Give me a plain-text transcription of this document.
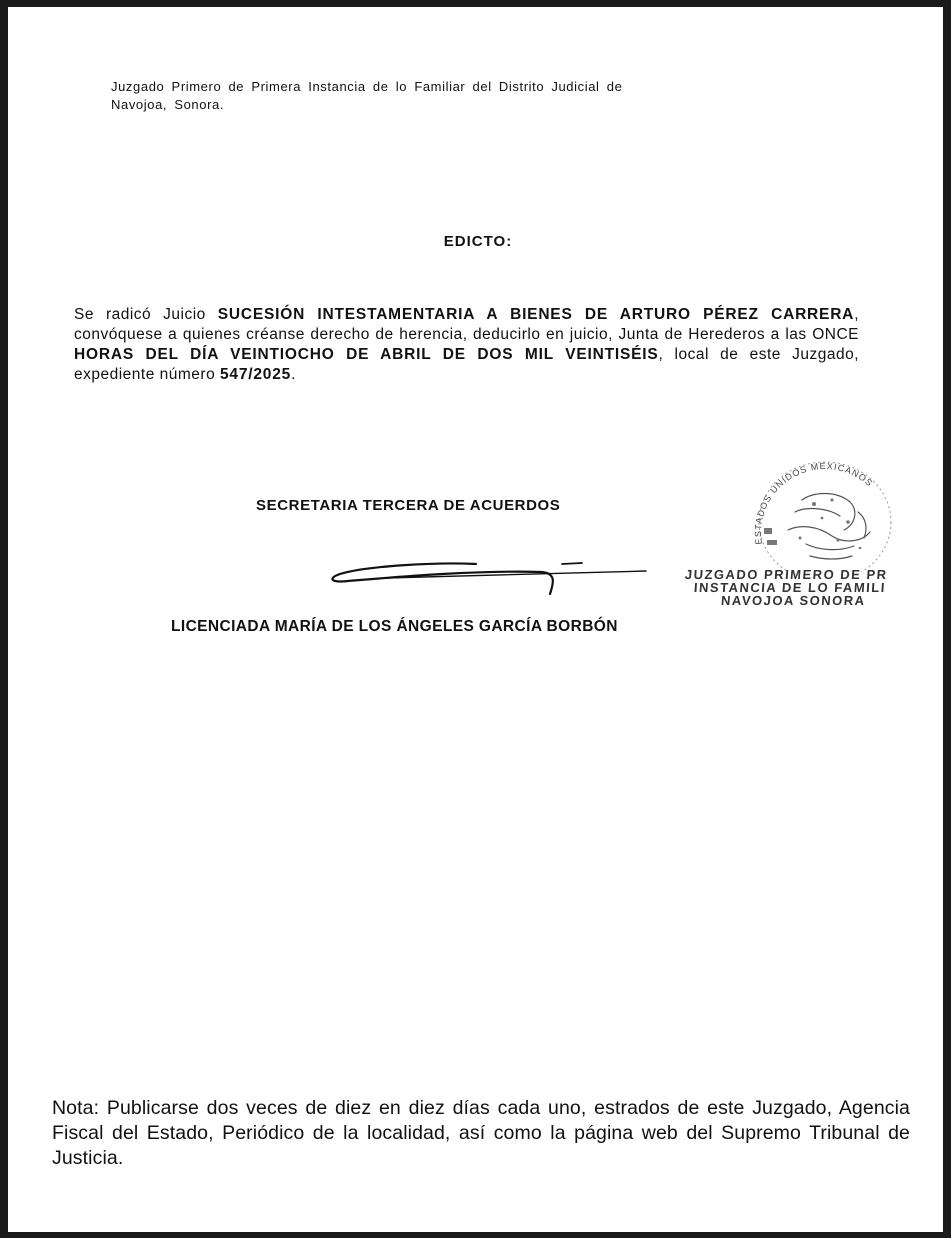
Juzgado Primero de Primera Instancia de lo Familiar del Distrito Judicial de
Navojoa, Sonora.
EDICTO:
Se radicó Juicio SUCESIÓN INTESTAMENTARIA A BIENES DE ARTURO PÉREZ CARRERA, convóquese a quienes créanse derecho de herencia, deducirlo en juicio, Junta de Herederos a las ONCE HORAS DEL DÍA VEINTIOCHO DE ABRIL DE DOS MIL VEINTISÉIS, local de este Juzgado, expediente número 547/2025.
SECRETARIA TERCERA DE ACUERDOS
LICENCIADA MARÍA DE LOS ÁNGELES GARCÍA BORBÓN
ESTADOS UNIDOS MEXICANOS
JUZGADO PRIMERO DE PR
INSTANCIA DE LO FAMILI
NAVOJOA SONORA
Nota: Publicarse dos veces de diez en diez días cada uno, estrados de este Juzgado, Agencia Fiscal del Estado, Periódico de la localidad, así como la página web del Supremo Tribunal de Justicia.
